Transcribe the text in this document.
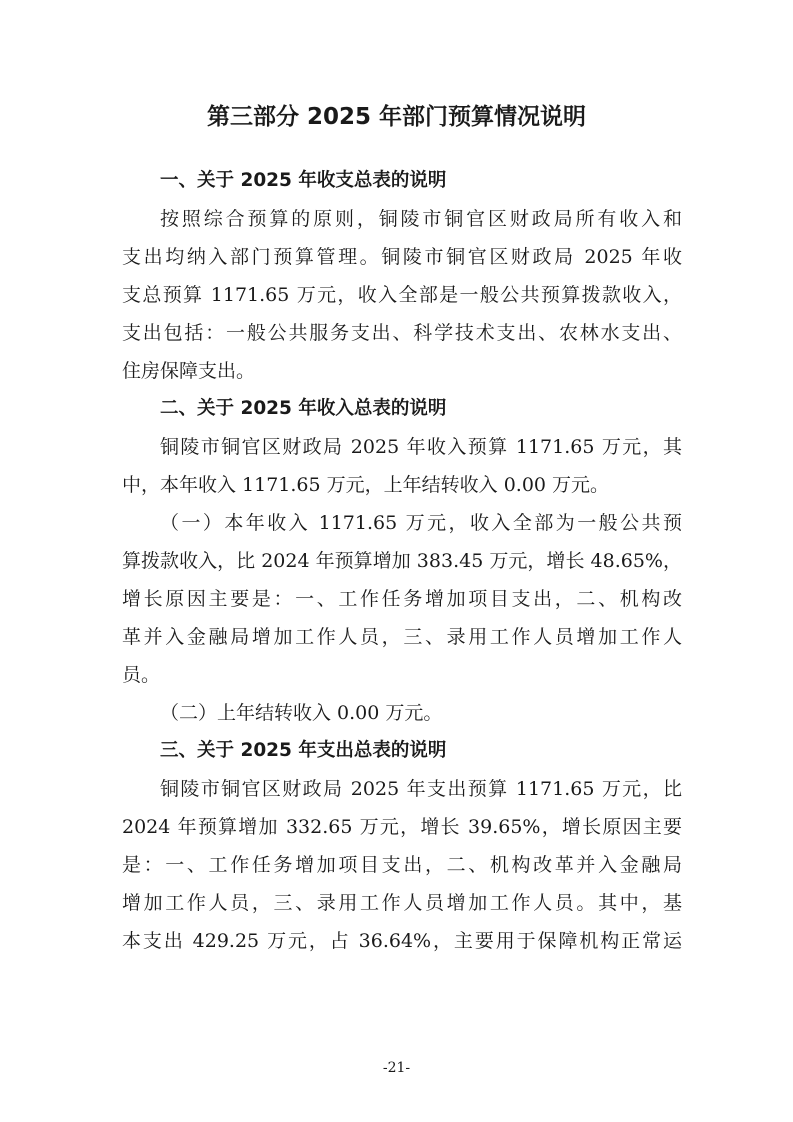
第三部分 2025 年部门预算情况说明
一、关于 2025 年收支总表的说明
按照综合预算的原则，铜陵市铜官区财政局所有收入和
支出均纳入部门预算管理。铜陵市铜官区财政局 2025 年收
支总预算 1171.65 万元，收入全部是一般公共预算拨款收入，
支出包括：一般公共服务支出、科学技术支出、农林水支出、
住房保障支出。
二、关于 2025 年收入总表的说明
铜陵市铜官区财政局 2025 年收入预算 1171.65 万元，其
中，本年收入 1171.65 万元，上年结转收入 0.00 万元。
（一）本年收入 1171.65 万元，收入全部为一般公共预
算拨款收入，比 2024 年预算增加 383.45 万元，增长 48.65%，
增长原因主要是：一、工作任务增加项目支出，二、机构改
革并入金融局增加工作人员，三、录用工作人员增加工作人
员。
（二）上年结转收入 0.00 万元。
三、关于 2025 年支出总表的说明
铜陵市铜官区财政局 2025 年支出预算 1171.65 万元，比
2024 年预算增加 332.65 万元，增长 39.65%，增长原因主要
是：一、工作任务增加项目支出，二、机构改革并入金融局
增加工作人员，三、录用工作人员增加工作人员。其中，基
本支出 429.25 万元，占 36.64%，主要用于保障机构正常运
-21-
